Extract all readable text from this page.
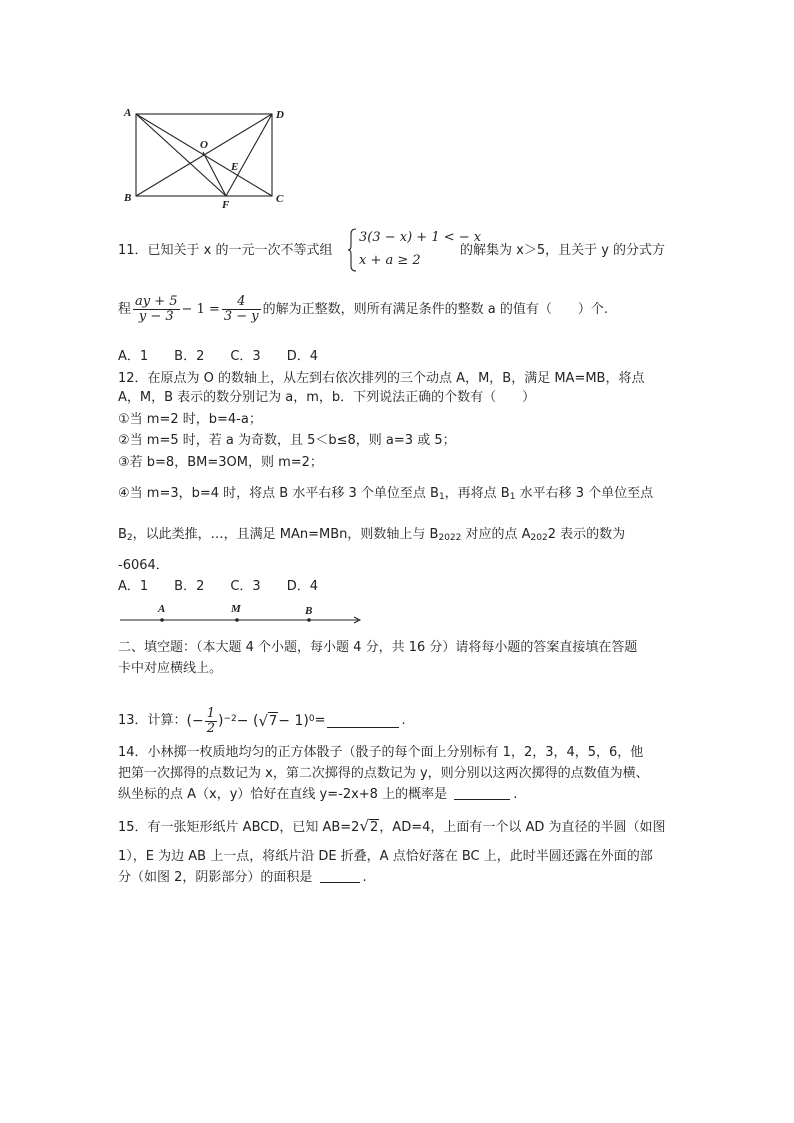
A	D
O
E
B
F	C
11．已知关于 x 的一元一次不等式组
3(3 − x) + 1 < − x
x + a ≥ 2
的解集为 x＞5，且关于 y 的分式方
程 $\frac{ay + 5}{y - 3} - 1 = \frac{4}{3 - y}$ 的解为正整数，则所有满足条件的整数 a 的值有（　　）个.
A．1　　B．2　　C．3　　D．4
12．在原点为 O 的数轴上，从左到右依次排列的三个动点 A，M，B，满足 MA=MB，将点
A，M，B 表示的数分别记为 a，m，b．下列说法正确的个数有（　　）
①当 m=2 时，b=4-a；
②当 m=5 时，若 a 为奇数，且 5＜b≤8，则 a=3 或 5；
③若 b=8，BM=3OM，则 m=2；
④当 m=3，b=4 时，将点 B 水平右移 3 个单位至点 $B_1$，再将点 $B_1$ 水平右移 3 个单位至点
$B_2$，以此类推，…，且满足 MAn=MBn，则数轴上与 $B_{2022}$ 对应的点 $A_{202}2$ 表示的数为
-6064．
A．1　　B．2　　C．3　　D．4
A	M	B
二、填空题：（本大题 4 个小题，每小题 4 分，共 16 分）请将每小题的答案直接填在答题
卡中对应横线上。
13．计算： (− $\frac{1}{2}$ ) −2 − ( √ 7 − 1) 0 =	.
14．小林掷一枚质地均匀的正方体骰子（骰子的每个面上分别标有 1，2，3，4，5，6，他
把第一次掷得的点数记为 x，第二次掷得的点数记为 y，则分别以这两次掷得的点数值为横、
纵坐标的点 A（x，y）恰好在直线 y=-2x+8 上的概率是	.
15．有一张矩形纸片 ABCD，已知 AB=2√2，AD=4，上面有一个以 AD 为直径的半圆（如图
1），E 为边 AB 上一点，将纸片沿 DE 折叠，A 点恰好落在 BC 上，此时半圆还露在外面的部
分（如图 2，阴影部分）的面积是	.
